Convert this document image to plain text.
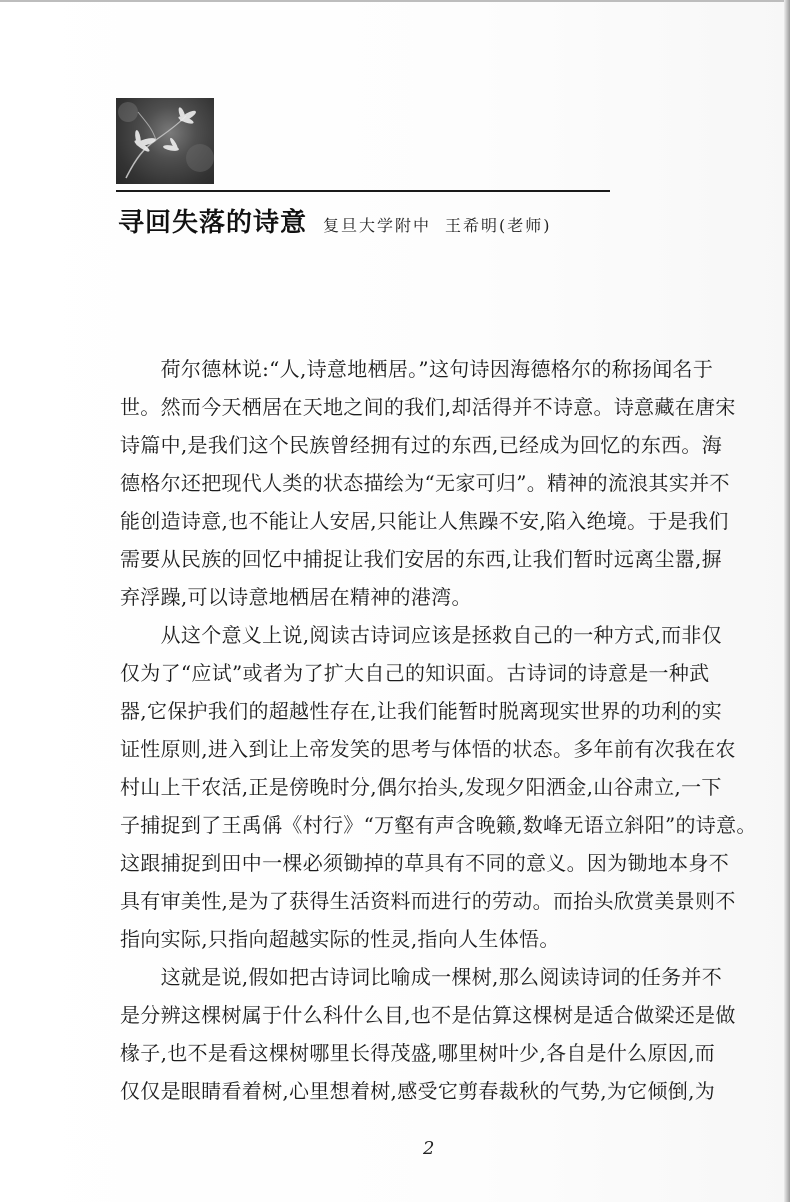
寻回失落的诗意 复旦大学附中 王希明(老师)
　　荷尔德林说:“人,诗意地栖居。”这句诗因海德格尔的称扬闻名于
世。然而今天栖居在天地之间的我们,却活得并不诗意。诗意藏在唐宋
诗篇中,是我们这个民族曾经拥有过的东西,已经成为回忆的东西。海
德格尔还把现代人类的状态描绘为“无家可归”。精神的流浪其实并不
能创造诗意,也不能让人安居,只能让人焦躁不安,陷入绝境。于是我们
需要从民族的回忆中捕捉让我们安居的东西,让我们暂时远离尘嚣,摒
弃浮躁,可以诗意地栖居在精神的港湾。
　　从这个意义上说,阅读古诗词应该是拯救自己的一种方式,而非仅
仅为了“应试”或者为了扩大自己的知识面。古诗词的诗意是一种武
器,它保护我们的超越性存在,让我们能暂时脱离现实世界的功利的实
证性原则,进入到让上帝发笑的思考与体悟的状态。多年前有次我在农
村山上干农活,正是傍晚时分,偶尔抬头,发现夕阳洒金,山谷肃立,一下
子捕捉到了王禹偁《村行》“万壑有声含晚籁,数峰无语立斜阳”的诗意。
这跟捕捉到田中一棵必须锄掉的草具有不同的意义。因为锄地本身不
具有审美性,是为了获得生活资料而进行的劳动。而抬头欣赏美景则不
指向实际,只指向超越实际的性灵,指向人生体悟。
　　这就是说,假如把古诗词比喻成一棵树,那么阅读诗词的任务并不
是分辨这棵树属于什么科什么目,也不是估算这棵树是适合做梁还是做
椽子,也不是看这棵树哪里长得茂盛,哪里树叶少,各自是什么原因,而
仅仅是眼睛看着树,心里想着树,感受它剪春裁秋的气势,为它倾倒,为
2
